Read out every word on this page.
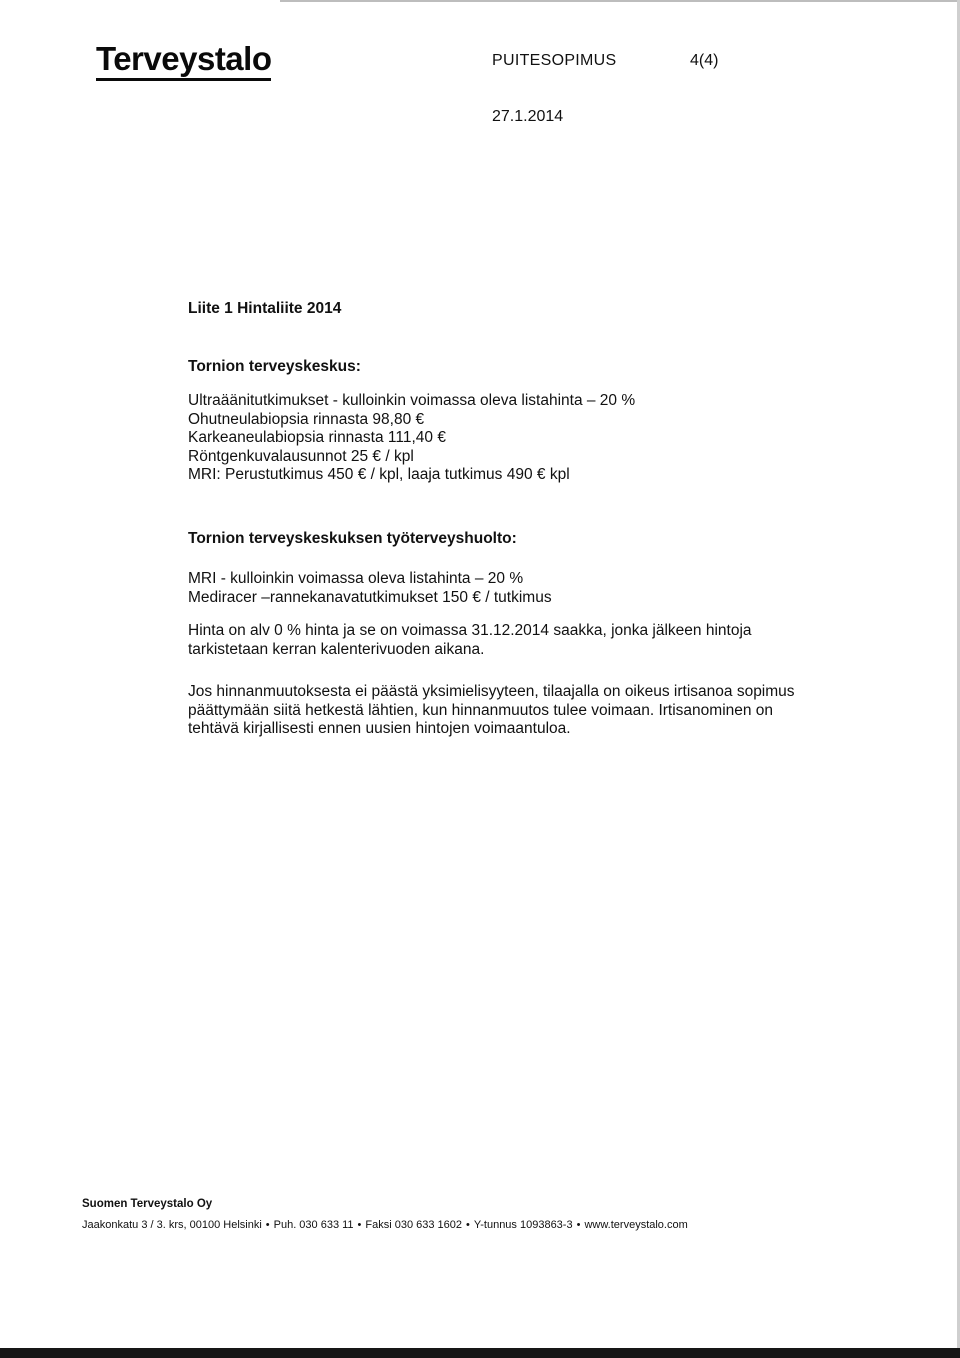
Terveystalo	PUITESOPIMUS	4(4)
27.1.2014
Liite 1 Hintaliite 2014
Tornion terveyskeskus:
Ultraäänitutkimukset - kulloinkin voimassa oleva listahinta – 20 %
Ohutneulabiopsia rinnasta 98,80 €
Karkeaneulabiopsia rinnasta 111,40 €
Röntgenkuvalausunnot 25 € / kpl
MRI: Perustutkimus 450 € / kpl, laaja tutkimus 490 € kpl
Tornion terveyskeskuksen työterveyshuolto:
MRI - kulloinkin voimassa oleva listahinta – 20 %
Mediracer –rannekanavatutkimukset 150 € / tutkimus
Hinta on alv 0 % hinta ja se on voimassa 31.12.2014 saakka, jonka jälkeen hintoja
tarkistetaan kerran kalenterivuoden aikana.
Jos hinnanmuutoksesta ei päästä yksimielisyyteen, tilaajalla on oikeus irtisanoa sopimus
päättymään siitä hetkestä lähtien, kun hinnanmuutos tulee voimaan. Irtisanominen on
tehtävä kirjallisesti ennen uusien hintojen voimaantuloa.
Suomen Terveystalo Oy
Jaakonkatu 3 / 3. krs, 00100 Helsinki • Puh. 030 633 11 • Faksi 030 633 1602 • Y-tunnus 1093863-3 • www.terveystalo.com
